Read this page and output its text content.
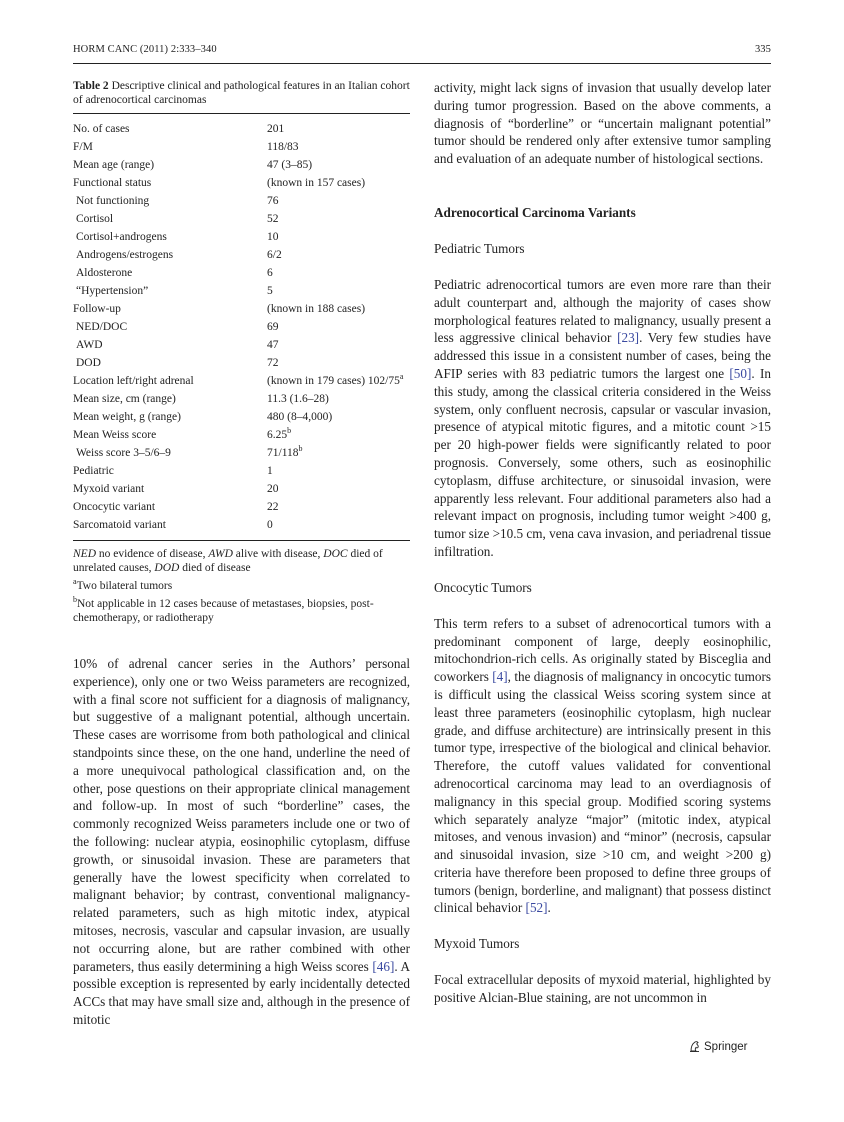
HORM CANC (2011) 2:333–340	335

Table 2 Descriptive clinical and pathological features in an Italian cohort of adrenocortical carcinomas

No. of cases	201
F/M	118/83
Mean age (range)	47 (3–85)
Functional status	(known in 157 cases)
Not functioning	76
Cortisol	52
Cortisol+androgens	10
Androgens/estrogens	6/2
Aldosterone	6
“Hypertension”	5
Follow-up	(known in 188 cases)
NED/DOC	69
AWD	47
DOD	72
Location left/right adrenal	(known in 179 cases) 102/75$^a$
Mean size, cm (range)	11.3 (1.6–28)
Mean weight, g (range)	480 (8–4,000)
Mean Weiss score	6.25$^b$
Weiss score 3–5/6–9	71/118$^b$
Pediatric	1
Myxoid variant	20
Oncocytic variant	22
Sarcomatoid variant	0

NED no evidence of disease, AWD alive with disease, DOC died of unrelated causes, DOD died of disease

$^a$Two bilateral tumors

$^b$Not applicable in 12 cases because of metastases, biopsies, post-chemotherapy, or radiotherapy

10% of adrenal cancer series in the Authors’ personal experience), only one or two Weiss parameters are recognized, with a final score not sufficient for a diagnosis of malignancy, but suggestive of a malignant potential, although uncertain. These cases are worrisome from both pathological and clinical standpoints since these, on the one hand, underline the need of a more unequivocal pathological classification and, on the other, pose questions on their appropriate clinical management and follow-up. In most of such “borderline” cases, the commonly recognized Weiss parameters include one or two of the following: nuclear atypia, eosinophilic cytoplasm, diffuse growth, or sinusoidal invasion. These are parameters that generally have the lowest specificity when correlated to malignant behavior; by contrast, conventional malignancy-related parameters, such as high mitotic index, atypical mitoses, necrosis, vascular and capsular invasion, are usually not occurring alone, but are rather combined with other parameters, thus easily determining a high Weiss scores [46]. A possible exception is represented by early incidentally detected ACCs that may have small size and, although in the presence of mitotic

activity, might lack signs of invasion that usually develop later during tumor progression. Based on the above comments, a diagnosis of “borderline” or “uncertain malignant potential” tumor should be rendered only after extensive tumor sampling and evaluation of an adequate number of histological sections.

Adrenocortical Carcinoma Variants

Pediatric Tumors

Pediatric adrenocortical tumors are even more rare than their adult counterpart and, although the majority of cases show morphological features related to malignancy, usually present a less aggressive clinical behavior [23]. Very few studies have addressed this issue in a consistent number of cases, being the AFIP series with 83 pediatric tumors the largest one [50]. In this study, among the classical criteria considered in the Weiss system, only confluent necrosis, capsular or vascular invasion, presence of atypical mitotic figures, and a mitotic count >15 per 20 high-power fields were significantly related to poor prognosis. Conversely, some others, such as eosinophilic cytoplasm, diffuse architecture, or sinusoidal invasion, were apparently less relevant. Four additional parameters also had a relevant impact on prognosis, including tumor weight >400 g, tumor size >10.5 cm, vena cava invasion, and periadrenal tissue infiltration.

Oncocytic Tumors

This term refers to a subset of adrenocortical tumors with a predominant component of large, deeply eosinophilic, mitochondrion-rich cells. As originally stated by Bisceglia and coworkers [4], the diagnosis of malignancy in oncocytic tumors is difficult using the classical Weiss scoring system since at least three parameters (eosinophilic cytoplasm, high nuclear grade, and diffuse architecture) are intrinsically present in this tumor type, irrespective of the biological and clinical behavior. Therefore, the cutoff values validated for conventional adrenocortical carcinoma may lead to an overdiagnosis of malignancy in this special group. Modified scoring systems which separately analyze “major” (mitotic index, atypical mitoses, and venous invasion) and “minor” (necrosis, capsular and sinusoidal invasion, size >10 cm, and weight >200 g) criteria have therefore been proposed to define three groups of tumors (benign, borderline, and malignant) that possess distinct clinical behavior [52].

Myxoid Tumors

Focal extracellular deposits of myxoid material, highlighted by positive Alcian-Blue staining, are not uncommon in

Springer
